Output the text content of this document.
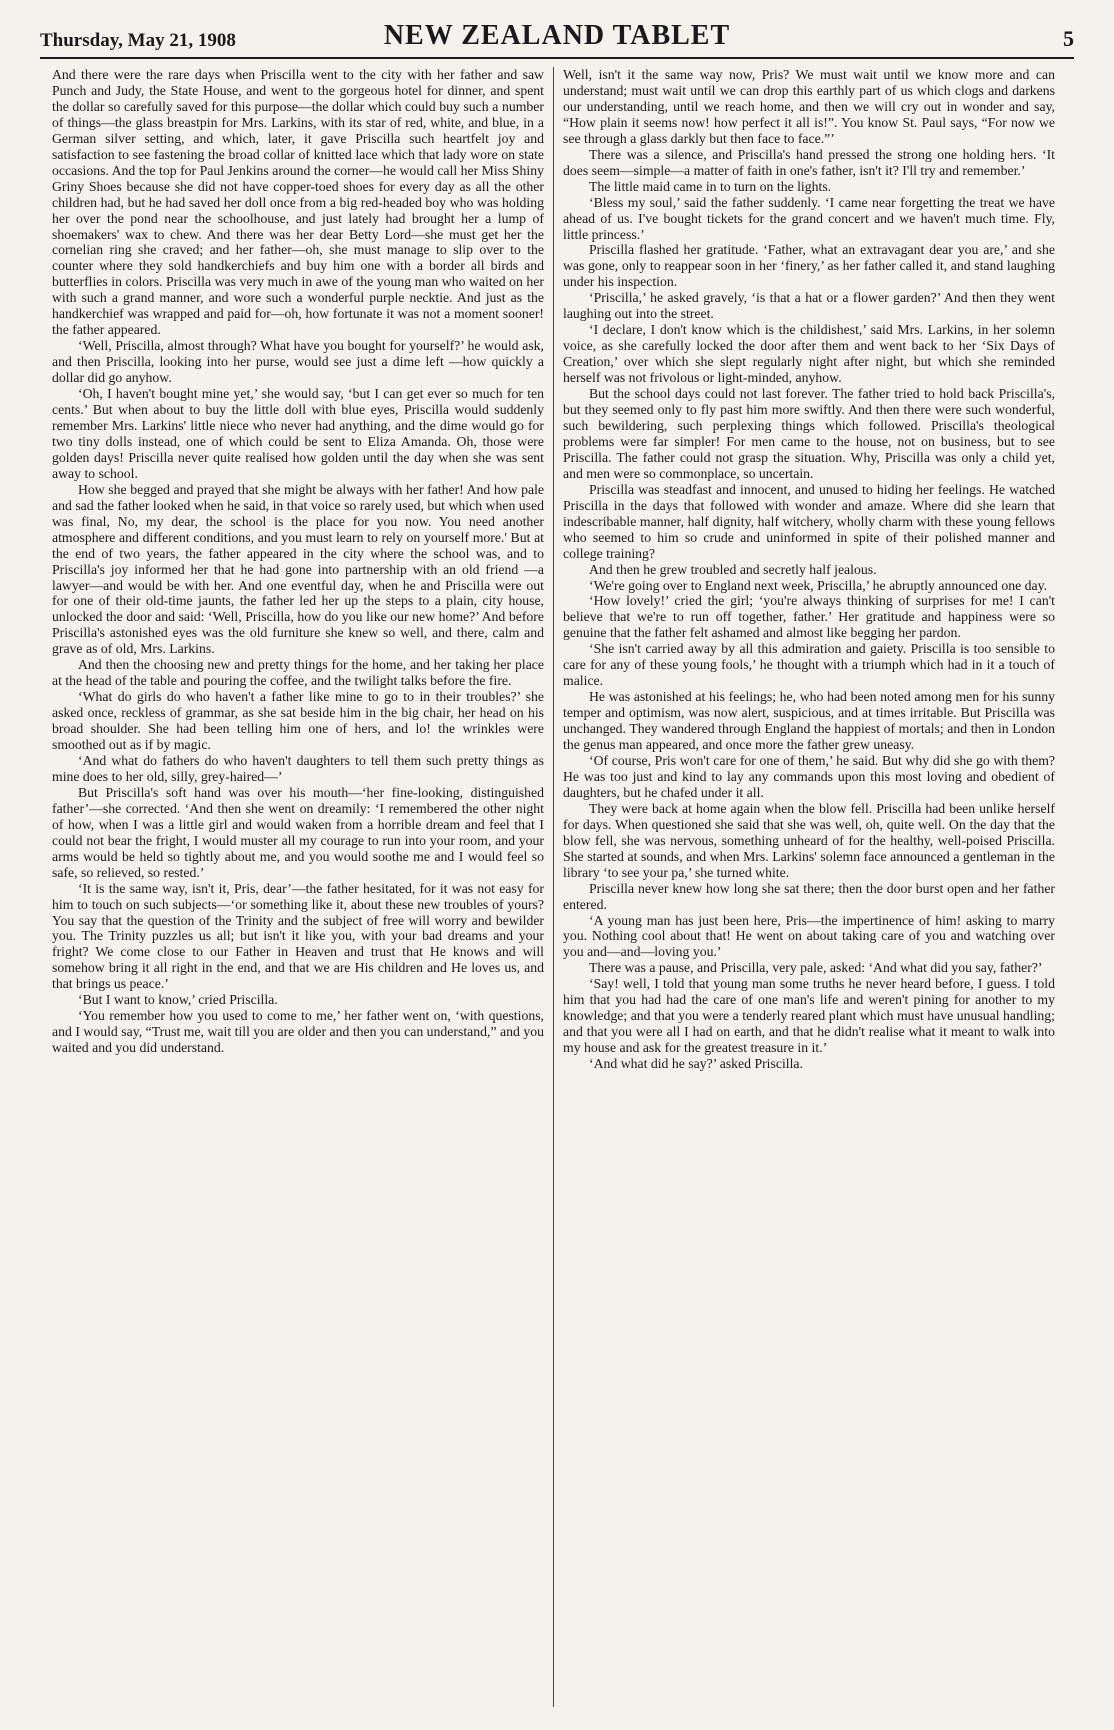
Thursday, May 21, 1908	NEW ZEALAND TABLET	5

And there were the rare days when Priscilla went to the city with her father and saw Punch and Judy, the State House, and went to the gorgeous hotel for dinner, and spent the dollar so carefully saved for this purpose—the dollar which could buy such a number of things—the glass breastpin for Mrs. Larkins, with its star of red, white, and blue, in a German silver setting, and which, later, it gave Priscilla such heartfelt joy and satisfaction to see fastening the broad collar of knitted lace which that lady wore on state occasions. And the top for Paul Jenkins around the corner—he would call her Miss Shiny Griny Shoes because she did not have copper-toed shoes for every day as all the other children had, but he had saved her doll once from a big red-headed boy who was holding her over the pond near the schoolhouse, and just lately had brought her a lump of shoemakers' wax to chew. And there was her dear Betty Lord—she must get her the cornelian ring she craved; and her father—oh, she must manage to slip over to the counter where they sold handkerchiefs and buy him one with a border all birds and butterflies in colors. Priscilla was very much in awe of the young man who waited on her with such a grand manner, and wore such a wonderful purple necktie. And just as the handkerchief was wrapped and paid for—oh, how fortunate it was not a moment sooner! the father appeared.

‘Well, Priscilla, almost through? What have you bought for yourself?’ he would ask, and then Priscilla, looking into her purse, would see just a dime left —how quickly a dollar did go anyhow.

‘Oh, I haven't bought mine yet,’ she would say, ‘but I can get ever so much for ten cents.’ But when about to buy the little doll with blue eyes, Priscilla would suddenly remember Mrs. Larkins' little niece who never had anything, and the dime would go for two tiny dolls instead, one of which could be sent to Eliza Amanda. Oh, those were golden days! Priscilla never quite realised how golden until the day when she was sent away to school.

How she begged and prayed that she might be always with her father! And how pale and sad the father looked when he said, in that voice so rarely used, but which when used was final, No, my dear, the school is the place for you now. You need another atmosphere and different conditions, and you must learn to rely on yourself more.' But at the end of two years, the father appeared in the city where the school was, and to Priscilla's joy informed her that he had gone into partnership with an old friend —a lawyer—and would be with her. And one eventful day, when he and Priscilla were out for one of their old-time jaunts, the father led her up the steps to a plain, city house, unlocked the door and said: ‘Well, Priscilla, how do you like our new home?’ And before Priscilla's astonished eyes was the old furniture she knew so well, and there, calm and grave as of old, Mrs. Larkins.

And then the choosing new and pretty things for the home, and her taking her place at the head of the table and pouring the coffee, and the twilight talks before the fire.

‘What do girls do who haven't a father like mine to go to in their troubles?’ she asked once, reckless of grammar, as she sat beside him in the big chair, her head on his broad shoulder. She had been telling him one of hers, and lo! the wrinkles were smoothed out as if by magic.

‘And what do fathers do who haven't daughters to tell them such pretty things as mine does to her old, silly, grey-haired—’

But Priscilla's soft hand was over his mouth—‘her fine-looking, distinguished father’—she corrected. ‘And then she went on dreamily: ‘I remembered the other night of how, when I was a little girl and would waken from a horrible dream and feel that I could not bear the fright, I would muster all my courage to run into your room, and your arms would be held so tightly about me, and you would soothe me and I would feel so safe, so relieved, so rested.’

‘It is the same way, isn't it, Pris, dear’—the father hesitated, for it was not easy for him to touch on such subjects—‘or something like it, about these new troubles of yours? You say that the question of the Trinity and the subject of free will worry and bewilder you. The Trinity puzzles us all; but isn't it like you, with your bad dreams and your fright? We come close to our Father in Heaven and trust that He knows and will somehow bring it all right in the end, and that we are His children and He loves us, and that brings us peace.’

‘But I want to know,’ cried Priscilla.

‘You remember how you used to come to me,’ her father went on, ‘with questions, and I would say, “Trust me, wait till you are older and then you can understand,” and you waited and you did understand.

Well, isn't it the same way now, Pris? We must wait until we know more and can understand; must wait until we can drop this earthly part of us which clogs and darkens our understanding, until we reach home, and then we will cry out in wonder and say, “How plain it seems now! how perfect it all is!”. You know St. Paul says, “For now we see through a glass darkly but then face to face.”’

There was a silence, and Priscilla's hand pressed the strong one holding hers. ‘It does seem—simple—a matter of faith in one's father, isn't it? I'll try and remember.’

The little maid came in to turn on the lights.

‘Bless my soul,’ said the father suddenly. ‘I came near forgetting the treat we have ahead of us. I've bought tickets for the grand concert and we haven't much time. Fly, little princess.’

Priscilla flashed her gratitude. ‘Father, what an extravagant dear you are,’ and she was gone, only to reappear soon in her ‘finery,’ as her father called it, and stand laughing under his inspection.

‘Priscilla,’ he asked gravely, ‘is that a hat or a flower garden?’ And then they went laughing out into the street.

‘I declare, I don't know which is the childishest,’ said Mrs. Larkins, in her solemn voice, as she carefully locked the door after them and went back to her ‘Six Days of Creation,’ over which she slept regularly night after night, but which she reminded herself was not frivolous or light-minded, anyhow.

But the school days could not last forever. The father tried to hold back Priscilla's, but they seemed only to fly past him more swiftly. And then there were such wonderful, such bewildering, such perplexing things which followed. Priscilla's theological problems were far simpler! For men came to the house, not on business, but to see Priscilla. The father could not grasp the situation. Why, Priscilla was only a child yet, and men were so commonplace, so uncertain.

Priscilla was steadfast and innocent, and unused to hiding her feelings. He watched Priscilla in the days that followed with wonder and amaze. Where did she learn that indescribable manner, half dignity, half witchery, wholly charm with these young fellows who seemed to him so crude and uninformed in spite of their polished manner and college training?

And then he grew troubled and secretly half jealous.

‘We're going over to England next week, Priscilla,’ he abruptly announced one day.

‘How lovely!’ cried the girl; ‘you're always thinking of surprises for me! I can't believe that we're to run off together, father.’ Her gratitude and happiness were so genuine that the father felt ashamed and almost like begging her pardon.

‘She isn't carried away by all this admiration and gaiety. Priscilla is too sensible to care for any of these young fools,’ he thought with a triumph which had in it a touch of malice.

He was astonished at his feelings; he, who had been noted among men for his sunny temper and optimism, was now alert, suspicious, and at times irritable. But Priscilla was unchanged. They wandered through England the happiest of mortals; and then in London the genus man appeared, and once more the father grew uneasy.

‘Of course, Pris won't care for one of them,’ he said. But why did she go with them? He was too just and kind to lay any commands upon this most loving and obedient of daughters, but he chafed under it all.

They were back at home again when the blow fell. Priscilla had been unlike herself for days. When questioned she said that she was well, oh, quite well. On the day that the blow fell, she was nervous, something unheard of for the healthy, well-poised Priscilla. She started at sounds, and when Mrs. Larkins' solemn face announced a gentleman in the library ‘to see your pa,’ she turned white.

Priscilla never knew how long she sat there; then the door burst open and her father entered.

‘A young man has just been here, Pris—the impertinence of him! asking to marry you. Nothing cool about that! He went on about taking care of you and watching over you and—and—loving you.’

There was a pause, and Priscilla, very pale, asked: ‘And what did you say, father?’

‘Say! well, I told that young man some truths he never heard before, I guess. I told him that you had had the care of one man's life and weren't pining for another to my knowledge; and that you were a tenderly reared plant which must have unusual handling; and that you were all I had on earth, and that he didn't realise what it meant to walk into my house and ask for the greatest treasure in it.’

‘And what did he say?’ asked Priscilla.
